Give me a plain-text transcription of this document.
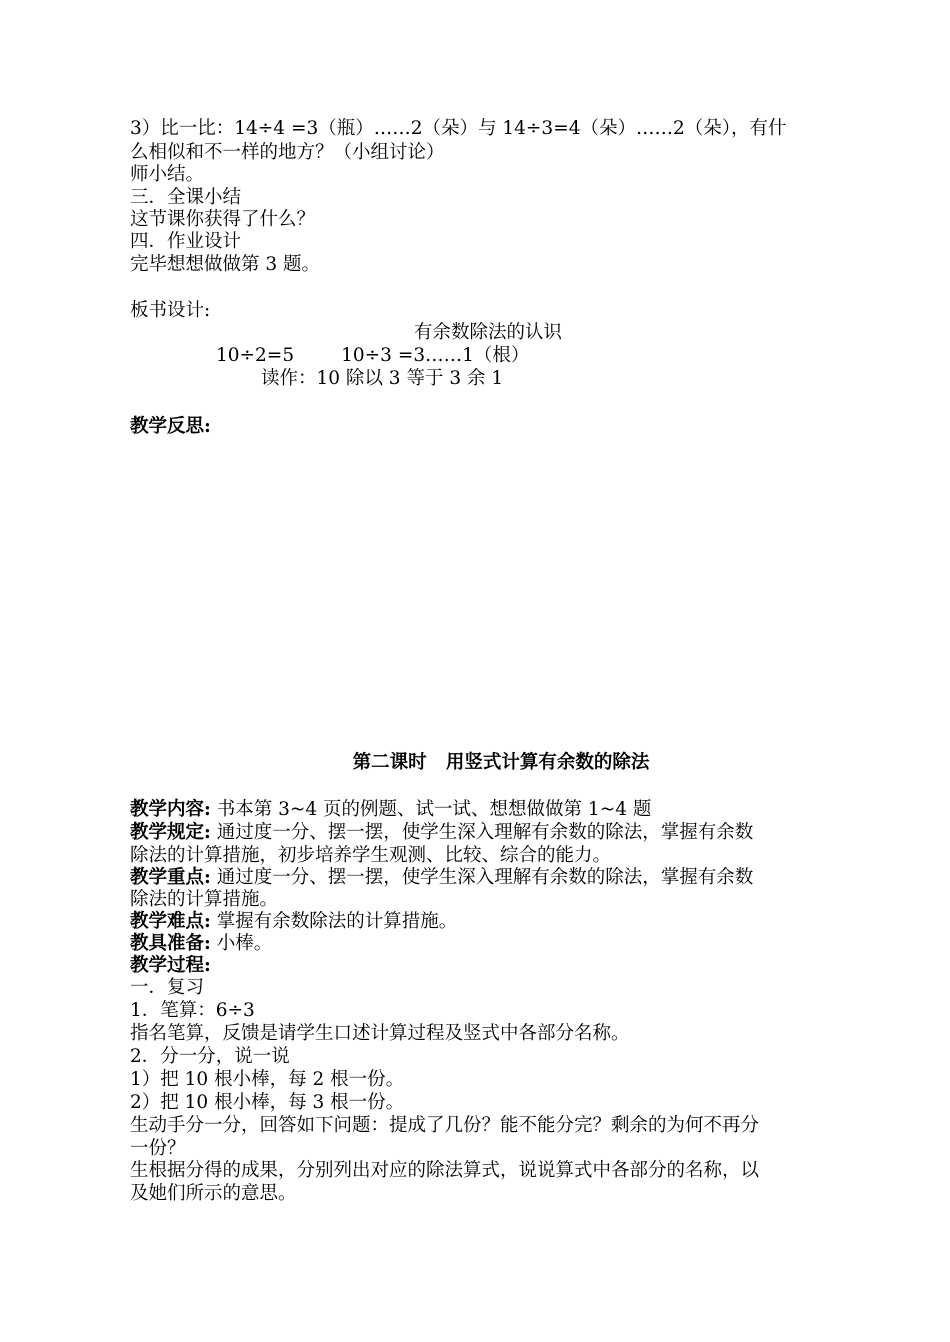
3）比一比：14÷4 =3（瓶）……2（朵）与 14÷3=4（朵）……2（朵），有什
么相似和不一样的地方？（小组讨论）
师小结。
三．全课小结
这节课你获得了什么？
四．作业设计
完毕想想做做第 3 题。
板书设计:
有余数除法的认识
10÷2=5        10÷3 =3……1（根）
读作：10 除以 3 等于 3 余 1
教学反思:
第二课时   用竖式计算有余数的除法
教学内容: 书本第 3~4 页的例题、试一试、想想做做第 1~4 题
教学规定: 通过度一分、摆一摆，使学生深入理解有余数的除法，掌握有余数
除法的计算措施，初步培养学生观测、比较、综合的能力。
教学重点: 通过度一分、摆一摆，使学生深入理解有余数的除法，掌握有余数
除法的计算措施。
教学难点: 掌握有余数除法的计算措施。
教具准备: 小棒。
教学过程:
一．复习
1．笔算：6÷3
指名笔算，反馈是请学生口述计算过程及竖式中各部分名称。
2．分一分，说一说
1）把 10 根小棒，每 2 根一份。
2）把 10 根小棒，每 3 根一份。
生动手分一分，回答如下问题：提成了几份？能不能分完？剩余的为何不再分
一份？
生根据分得的成果，分别列出对应的除法算式，说说算式中各部分的名称，以
及她们所示的意思。
